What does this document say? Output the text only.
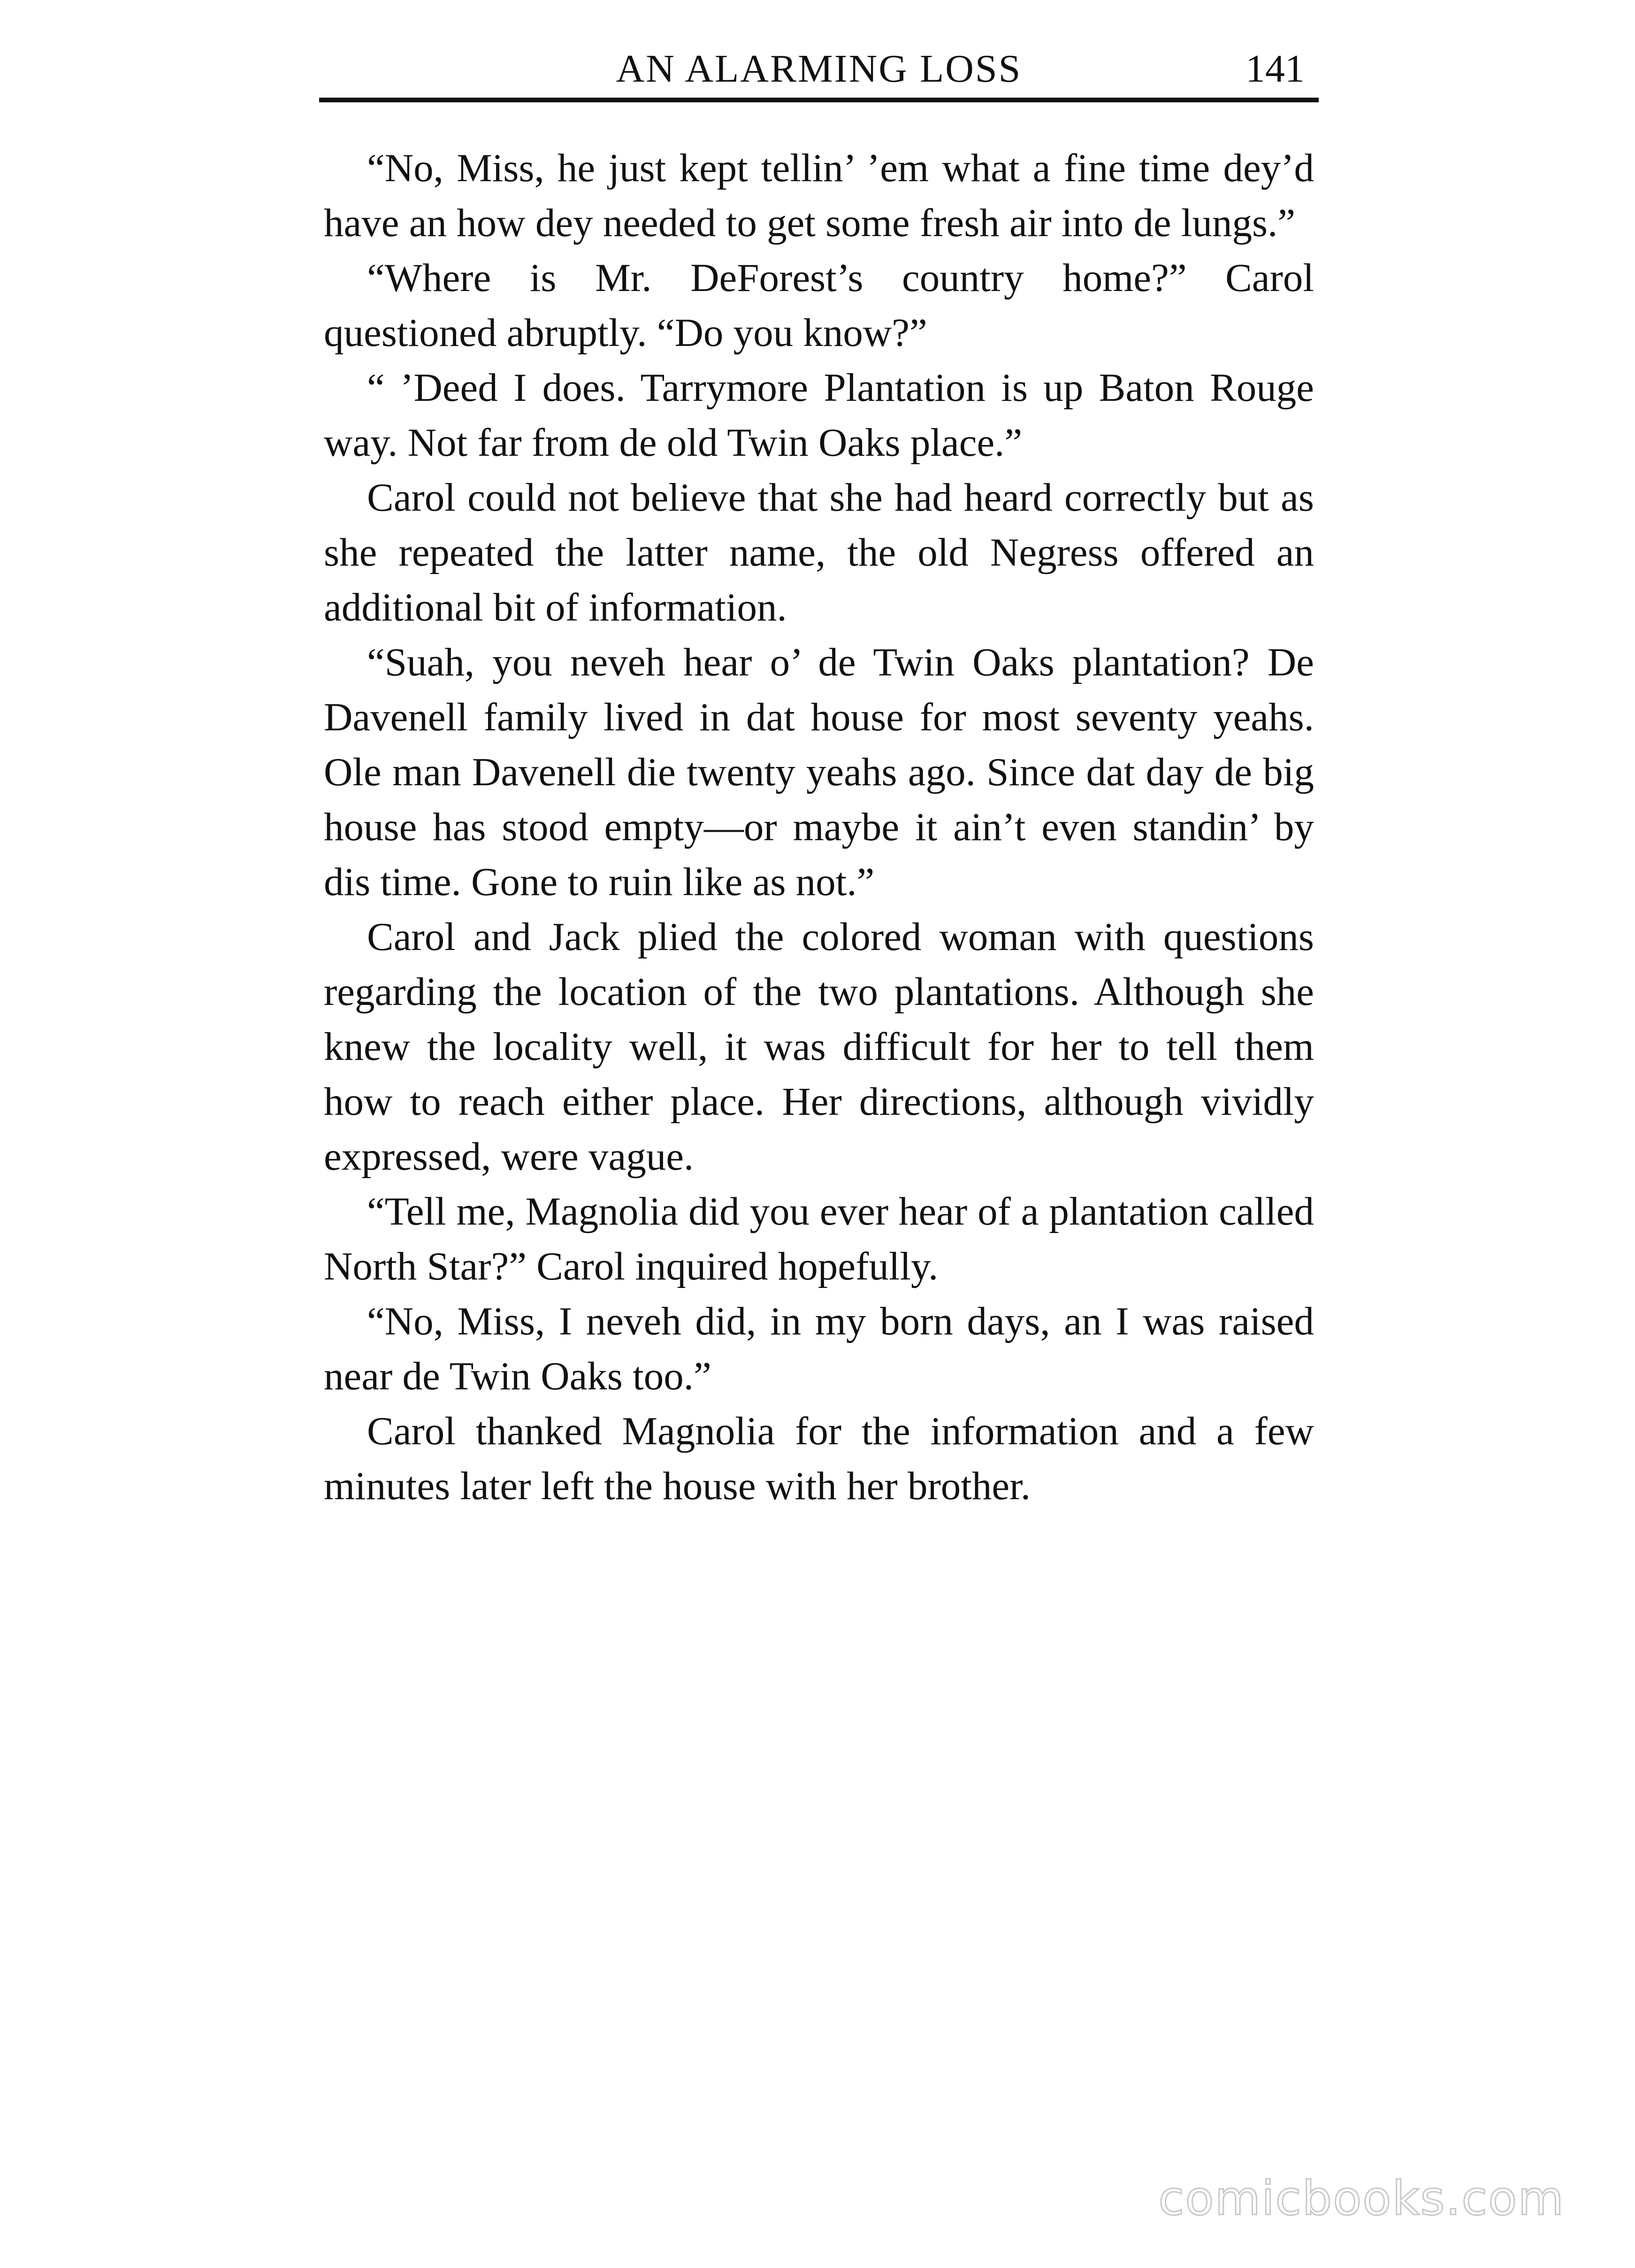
AN ALARMING LOSS	141

“No, Miss, he just kept tellin’ ’em what a fine time dey’d have an how dey needed to get some fresh air into de lungs.”

“Where is Mr. DeForest’s country home?” Carol questioned abruptly. “Do you know?”

“ ’Deed I does. Tarrymore Plantation is up Baton Rouge way. Not far from de old Twin Oaks place.”

Carol could not believe that she had heard correctly but as she repeated the latter name, the old Negress offered an additional bit of information.

“Suah, you neveh hear o’ de Twin Oaks plantation? De Davenell family lived in dat house for most seventy yeahs. Ole man Davenell die twenty yeahs ago. Since dat day de big house has stood empty—or maybe it ain’t even standin’ by dis time. Gone to ruin like as not.”

Carol and Jack plied the colored woman with questions regarding the location of the two plantations. Although she knew the locality well, it was difficult for her to tell them how to reach either place. Her directions, although vividly expressed, were vague.

“Tell me, Magnolia did you ever hear of a plantation called North Star?” Carol inquired hopefully.

“No, Miss, I neveh did, in my born days, an I was raised near de Twin Oaks too.”

Carol thanked Magnolia for the information and a few minutes later left the house with her brother.

comicbooks.com
